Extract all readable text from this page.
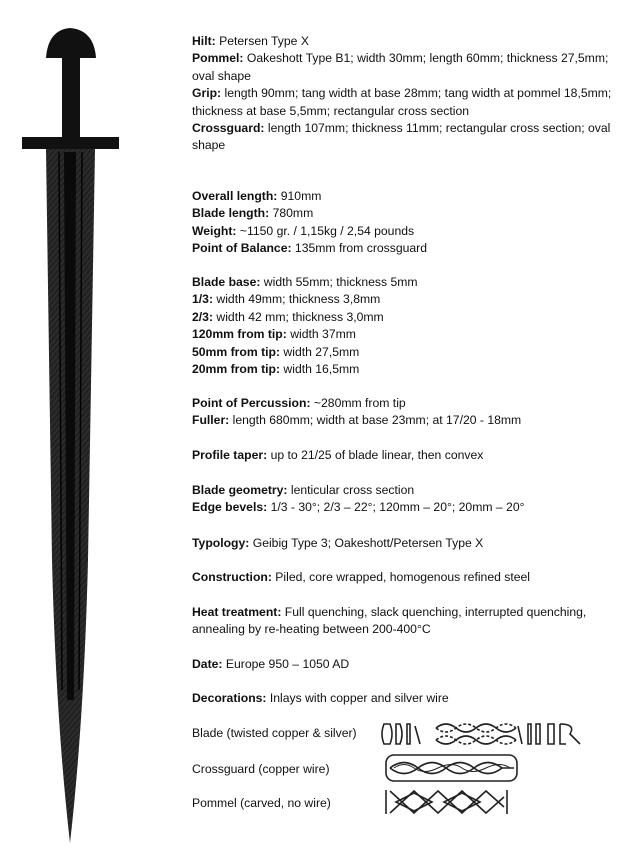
Hilt: Petersen Type X
Pommel: Oakeshott Type B1; width 30mm; length 60mm; thickness 27,5mm; oval shape
Grip: length 90mm; tang width at base 28mm; tang width at pommel 18,5mm; thickness at base 5,5mm; rectangular cross section
Crossguard: length 107mm; thickness 11mm; rectangular cross section; oval shape
Overall length: 910mm
Blade length: 780mm
Weight: ~1150 gr. / 1,15kg / 2,54 pounds
Point of Balance: 135mm from crossguard
Blade base: width 55mm; thickness 5mm
1/3: width 49mm; thickness 3,8mm
2/3: width 42 mm; thickness 3,0mm
120mm from tip: width 37mm
50mm from tip: width 27,5mm
20mm from tip: width 16,5mm
Point of Percussion: ~280mm from tip
Fuller: length 680mm; width at base 23mm; at 17/20 - 18mm
Profile taper: up to 21/25 of blade linear, then convex
Blade geometry: lenticular cross section
Edge bevels: 1/3 - 30°; 2/3 – 22°; 120mm – 20°; 20mm – 20°
Typology: Geibig Type 3; Oakeshott/Petersen Type X
Construction: Piled, core wrapped, homogenous refined steel
Heat treatment: Full quenching, slack quenching, interrupted quenching, annealing by re-heating between 200-400°C
Date: Europe 950 – 1050 AD
Decorations: Inlays with copper and silver wire
Blade (twisted copper & silver)
Crossguard (copper wire)
Pommel (carved, no wire)
